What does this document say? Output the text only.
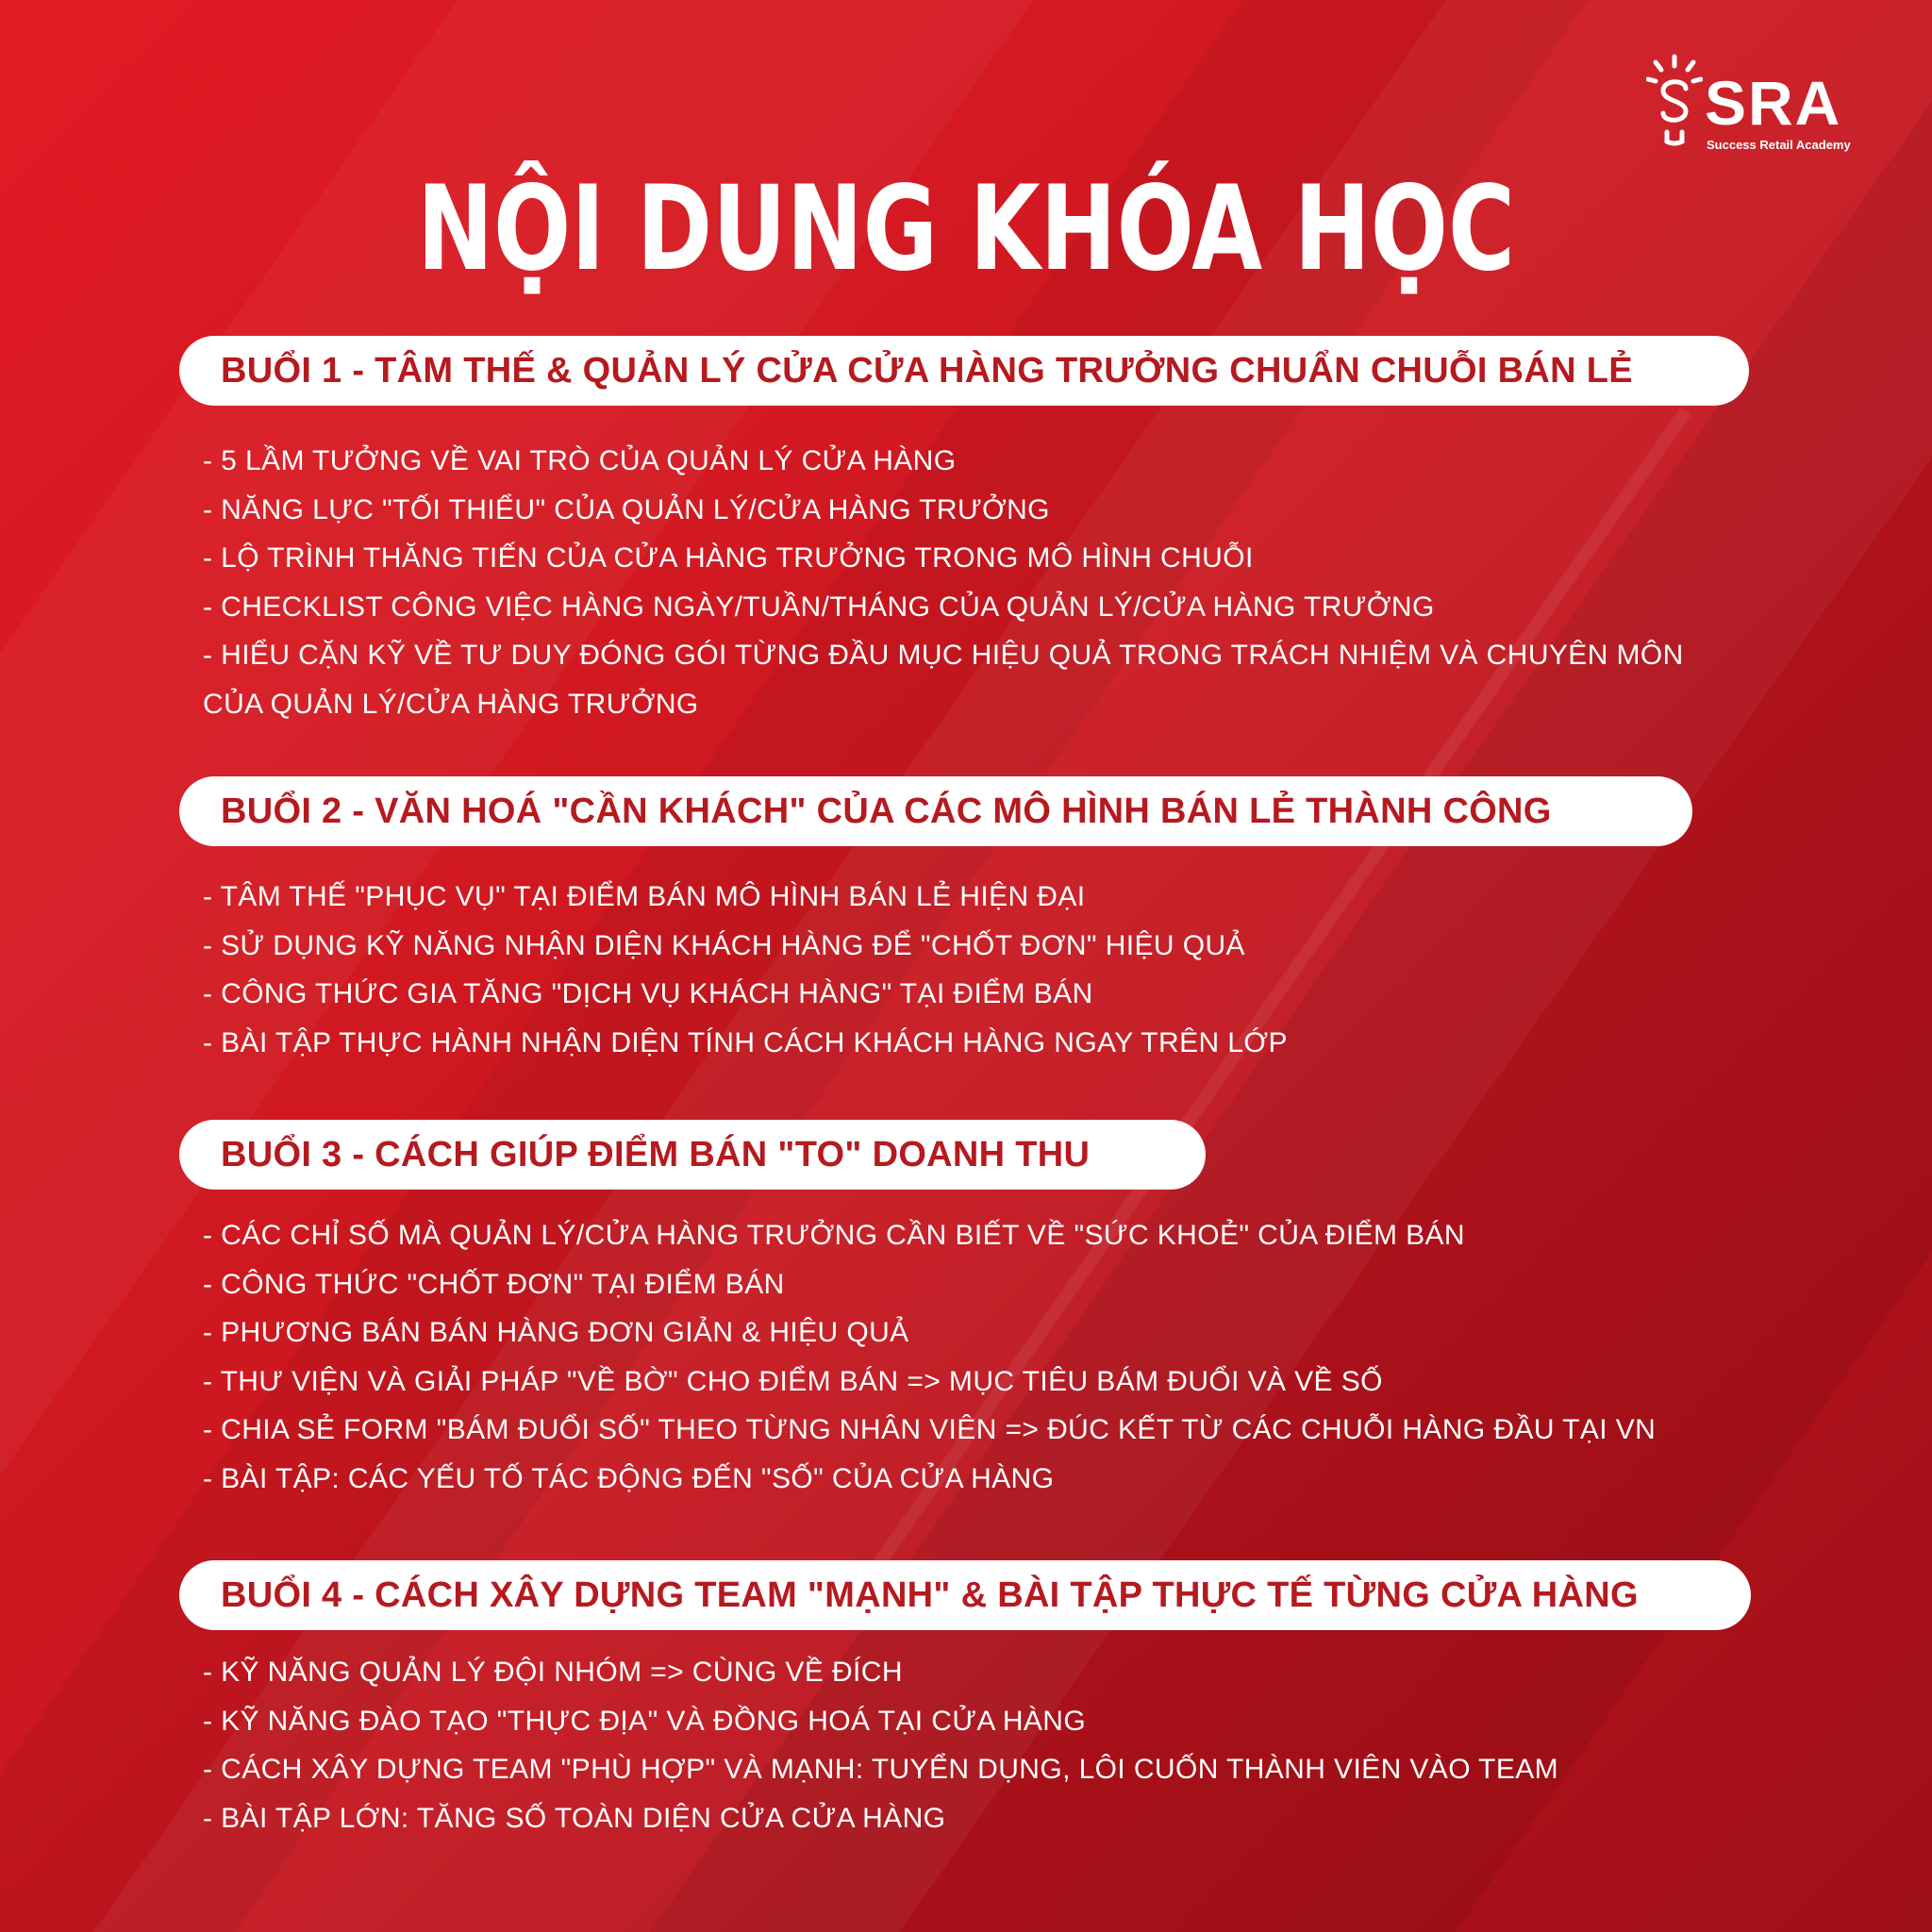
SRA
Success Retail Academy
NỘI DUNG KHÓA HỌC
BUỔI 1 - TÂM THẾ & QUẢN LÝ CỬA CỬA HÀNG TRƯỞNG CHUẨN CHUỖI BÁN LẺ
- 5 LẦM TƯỞNG VỀ VAI TRÒ CỦA QUẢN LÝ CỬA HÀNG
- NĂNG LỰC "TỐI THIỂU" CỦA QUẢN LÝ/CỬA HÀNG TRƯỞNG
- LỘ TRÌNH THĂNG TIẾN CỦA CỬA HÀNG TRƯỞNG TRONG MÔ HÌNH CHUỖI
- CHECKLIST CÔNG VIỆC HÀNG NGÀY/TUẦN/THÁNG CỦA QUẢN LÝ/CỬA HÀNG TRƯỞNG
- HIỂU CẶN KỸ VỀ TƯ DUY ĐÓNG GÓI TỪNG ĐẦU MỤC HIỆU QUẢ TRONG TRÁCH NHIỆM VÀ CHUYÊN MÔN CỦA QUẢN LÝ/CỬA HÀNG TRƯỞNG
BUỔI 2 - VĂN HOÁ "CẦN KHÁCH" CỦA CÁC MÔ HÌNH BÁN LẺ THÀNH CÔNG
- TÂM THẾ "PHỤC VỤ" TẠI ĐIỂM BÁN MÔ HÌNH BÁN LẺ HIỆN ĐẠI
- SỬ DỤNG KỸ NĂNG NHẬN DIỆN KHÁCH HÀNG ĐỂ "CHỐT ĐƠN" HIỆU QUẢ
- CÔNG THỨC GIA TĂNG "DỊCH VỤ KHÁCH HÀNG" TẠI ĐIỂM BÁN
- BÀI TẬP THỰC HÀNH NHẬN DIỆN TÍNH CÁCH KHÁCH HÀNG NGAY TRÊN LỚP
BUỔI 3 - CÁCH GIÚP ĐIỂM BÁN "TO" DOANH THU
- CÁC CHỈ SỐ MÀ QUẢN LÝ/CỬA HÀNG TRƯỞNG CẦN BIẾT VỀ "SỨC KHOẺ" CỦA ĐIỂM BÁN
- CÔNG THỨC "CHỐT ĐƠN" TẠI ĐIỂM BÁN
- PHƯƠNG BÁN BÁN HÀNG ĐƠN GIẢN & HIỆU QUẢ
- THƯ VIỆN VÀ GIẢI PHÁP "VỀ BỜ" CHO ĐIỂM BÁN => MỤC TIÊU BÁM ĐUỔI VÀ VỀ SỐ
- CHIA SẺ FORM "BÁM ĐUỔI SỐ" THEO TỪNG NHÂN VIÊN => ĐÚC KẾT TỪ CÁC CHUỖI HÀNG ĐẦU TẠI VN
- BÀI TẬP: CÁC YẾU TỐ TÁC ĐỘNG ĐẾN "SỐ" CỦA CỬA HÀNG
BUỔI 4 - CÁCH XÂY DỰNG TEAM "MẠNH" & BÀI TẬP THỰC TẾ TỪNG CỬA HÀNG
- KỸ NĂNG QUẢN LÝ ĐỘI NHÓM => CÙNG VỀ ĐÍCH
- KỸ NĂNG ĐÀO TẠO "THỰC ĐỊA" VÀ ĐỒNG HOÁ TẠI CỬA HÀNG
- CÁCH XÂY DỰNG TEAM "PHÙ HỢP" VÀ MẠNH: TUYỂN DỤNG, LÔI CUỐN THÀNH VIÊN VÀO TEAM
- BÀI TẬP LỚN: TĂNG SỐ TOÀN DIỆN CỬA CỬA HÀNG
